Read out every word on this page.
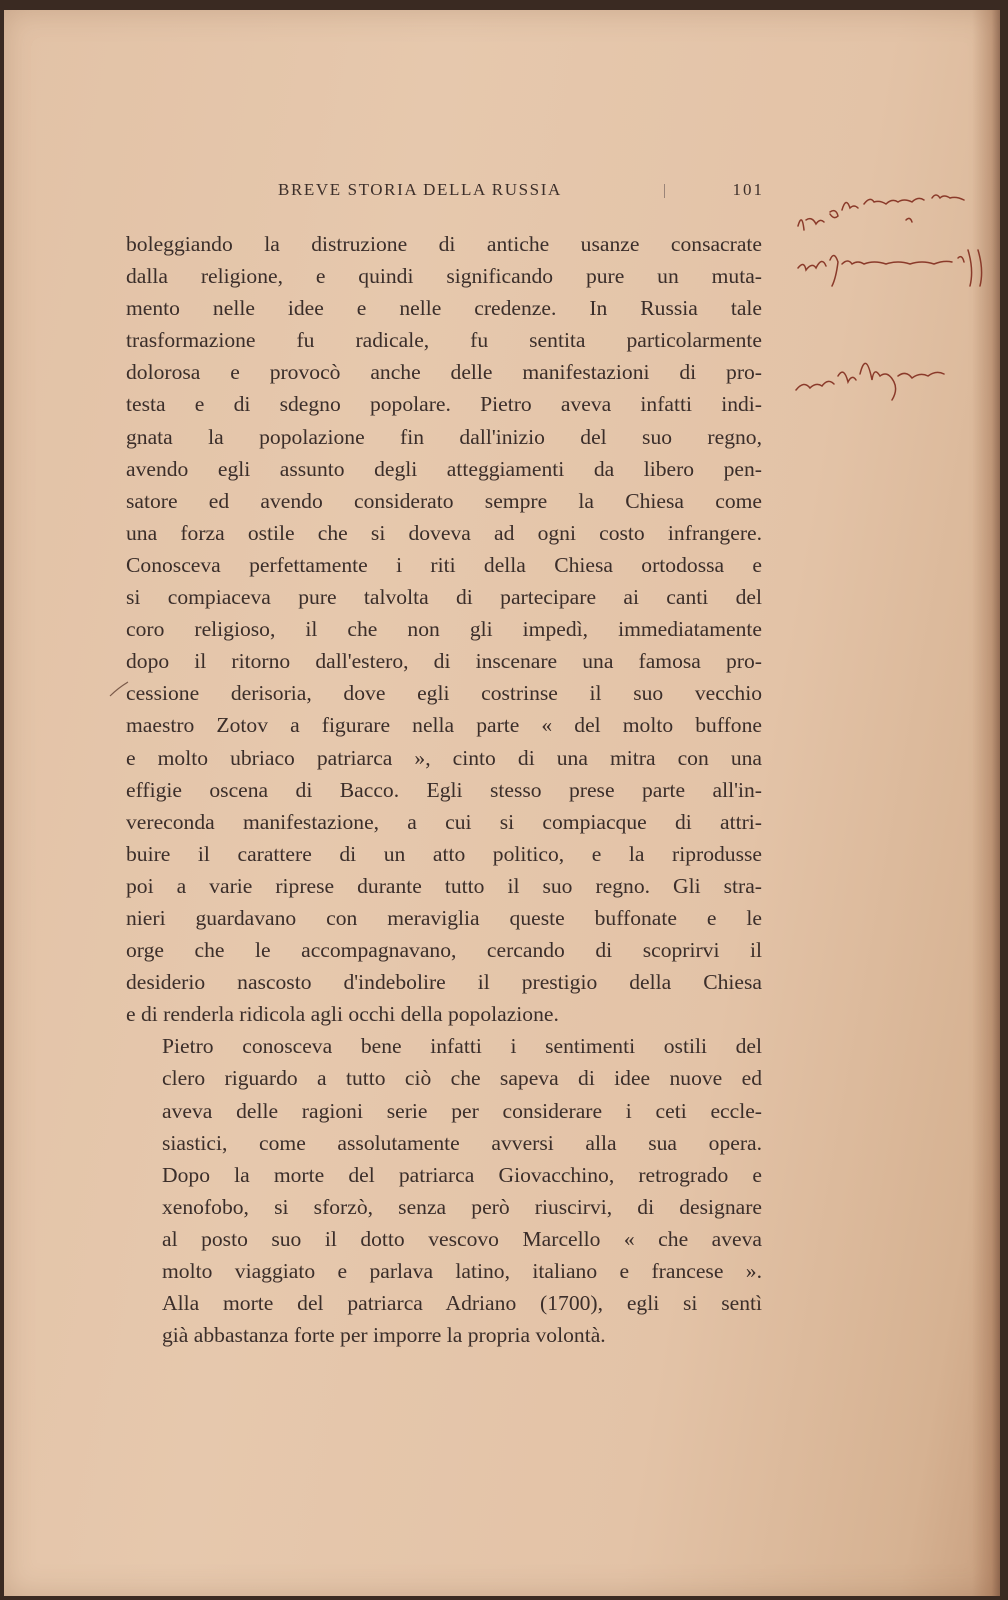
BREVE STORIA DELLA RUSSIA	101

boleggiando la distruzione di antiche usanze consacrate
dalla religione, e quindi significando pure un muta-
mento nelle idee e nelle credenze. In Russia tale
trasformazione fu radicale, fu sentita particolarmente
dolorosa e provocò anche delle manifestazioni di pro-
testa e di sdegno popolare. Pietro aveva infatti indi-
gnata la popolazione fin dall'inizio del suo regno,
avendo egli assunto degli atteggiamenti da libero pen-
satore ed avendo considerato sempre la Chiesa come
una forza ostile che si doveva ad ogni costo infrangere.
Conosceva perfettamente i riti della Chiesa ortodossa e
si compiaceva pure talvolta di partecipare ai canti del
coro religioso, il che non gli impedì, immediatamente
dopo il ritorno dall'estero, di inscenare una famosa pro-
cessione derisoria, dove egli costrinse il suo vecchio
maestro Zotov a figurare nella parte « del molto buffone
e molto ubriaco patriarca », cinto di una mitra con una
effigie oscena di Bacco. Egli stesso prese parte all'in-
vereconda manifestazione, a cui si compiacque di attri-
buire il carattere di un atto politico, e la riprodusse
poi a varie riprese durante tutto il suo regno. Gli stra-
nieri guardavano con meraviglia queste buffonate e le
orge che le accompagnavano, cercando di scoprirvi il
desiderio nascosto d'indebolire il prestigio della Chiesa
e di renderla ridicola agli occhi della popolazione.

Pietro conosceva bene infatti i sentimenti ostili del
clero riguardo a tutto ciò che sapeva di idee nuove ed
aveva delle ragioni serie per considerare i ceti eccle-
siastici, come assolutamente avversi alla sua opera.
Dopo la morte del patriarca Giovacchino, retrogrado e
xenofobo, si sforzò, senza però riuscirvi, di designare
al posto suo il dotto vescovo Marcello « che aveva
molto viaggiato e parlava latino, italiano e francese ».
Alla morte del patriarca Adriano (1700), egli si sentì
già abbastanza forte per imporre la propria volontà.
